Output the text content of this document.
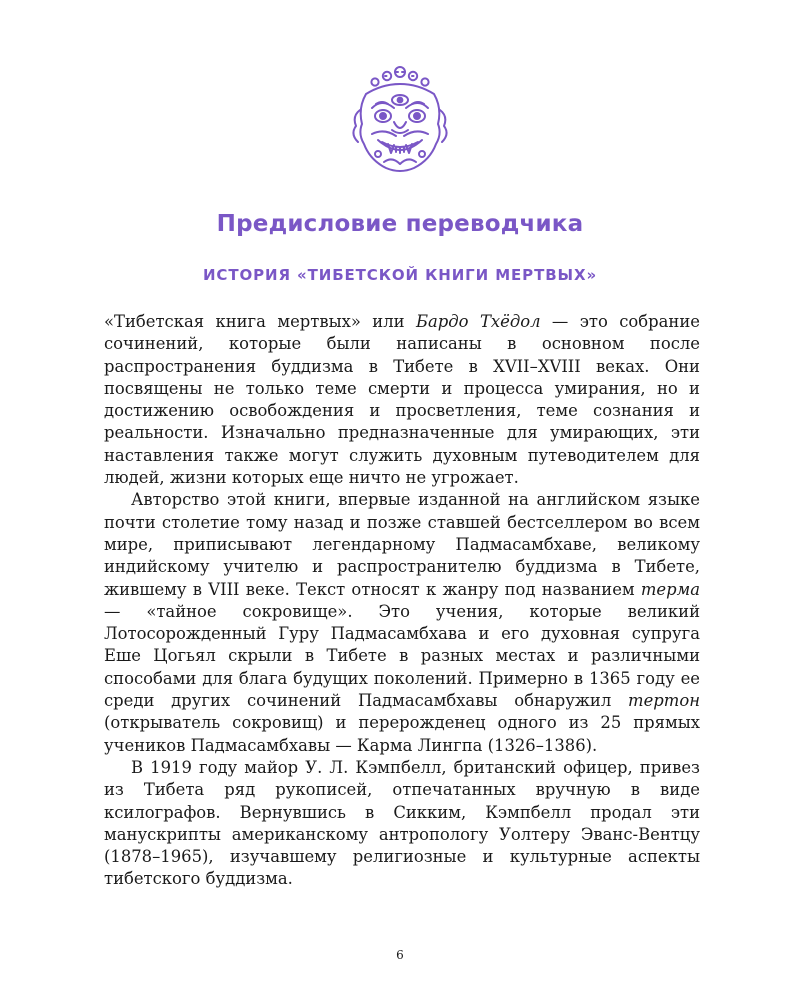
Предисловие переводчика
ИСТОРИЯ «ТИБЕТСКОЙ КНИГИ МЕРТВЫХ»

«Тибетская книга мертвых» или Бардо Тхёдол — это собрание сочинений, которые были написаны в основном после распространения буддизма в Тибете в XVII–XVIII веках. Они посвящены не только теме смерти и процесса умирания, но и достижению освобождения и просветления, теме сознания и реальности. Изначально предназначенные для умирающих, эти наставления также могут служить духовным путеводителем для людей, жизни которых еще ничто не угрожает.

Авторство этой книги, впервые изданной на английском языке почти столетие тому назад и позже ставшей бестселлером во всем мире, приписывают легендарному Падмасамбхаве, великому индийскому учителю и распространителю буддизма в Тибете, жившему в VIII веке. Текст относят к жанру под названием терма — «тайное сокровище». Это учения, которые великий Лотосорожденный Гуру Падмасамбхава и его духовная супруга Еше Цогьял скрыли в Тибете в разных местах и различными способами для блага будущих поколений. Примерно в 1365 году ее среди других сочинений Падмасамбхавы обнаружил тертон (открыватель сокровищ) и перерожденец одного из 25 прямых учеников Падмасамбхавы — Карма Лингпа (1326–1386).

В 1919 году майор У. Л. Кэмпбелл, британский офицер, привез из Тибета ряд рукописей, отпечатанных вручную в виде ксилографов. Вернувшись в Сикким, Кэмпбелл продал эти манускрипты американскому антропологу Уолтеру Эванс-Вентцу (1878–1965), изучавшему религиозные и культурные аспекты тибетского буддизма.

6
